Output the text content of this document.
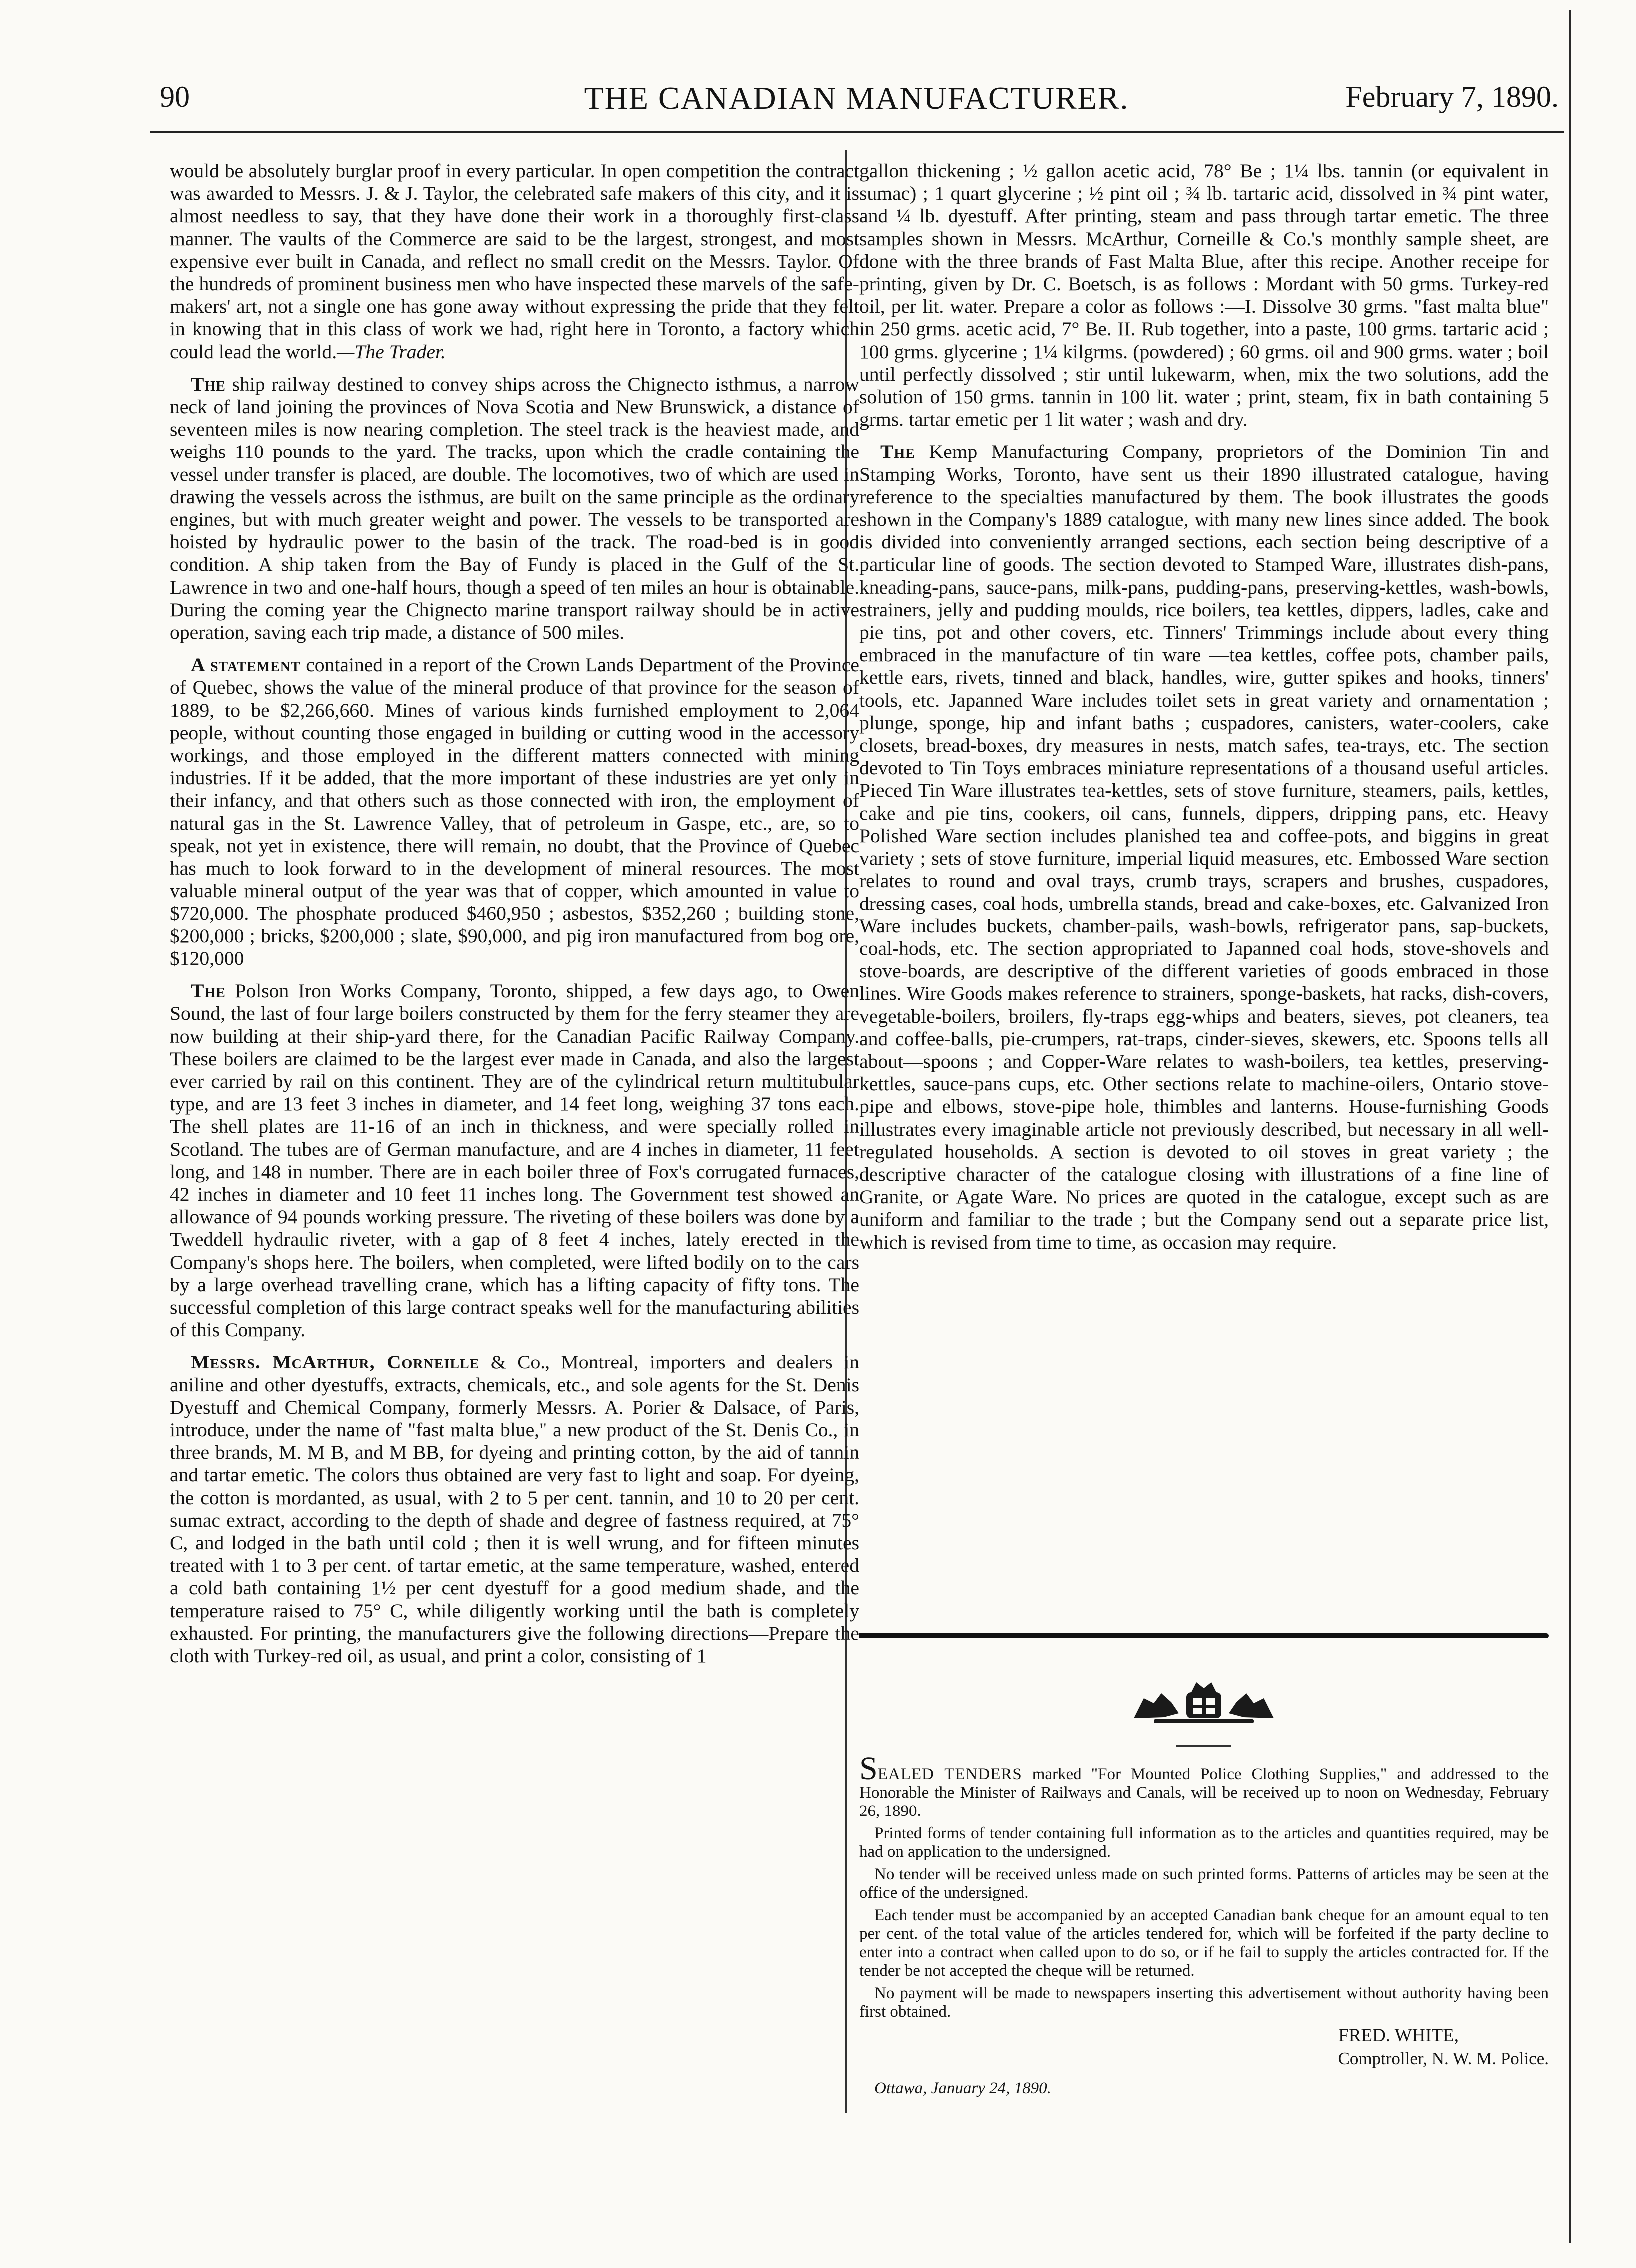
90	THE CANADIAN MANUFACTURER.	February 7, 1890.

would be absolutely burglar proof in every particular. In open competition the contract was awarded to Messrs. J. & J. Taylor, the celebrated safe makers of this city, and it is almost needless to say, that they have done their work in a thoroughly first-class manner. The vaults of the Commerce are said to be the largest, strongest, and most expensive ever built in Canada, and reflect no small credit on the Messrs. Taylor. Of the hundreds of prominent business men who have inspected these marvels of the safe-makers' art, not a single one has gone away without expressing the pride that they felt in knowing that in this class of work we had, right here in Toronto, a factory which could lead the world.—The Trader.

The ship railway destined to convey ships across the Chignecto isthmus, a narrow neck of land joining the provinces of Nova Scotia and New Brunswick, a distance of seventeen miles is now nearing completion. The steel track is the heaviest made, and weighs 110 pounds to the yard. The tracks, upon which the cradle containing the vessel under transfer is placed, are double. The locomotives, two of which are used in drawing the vessels across the isthmus, are built on the same principle as the ordinary engines, but with much greater weight and power. The vessels to be transported are hoisted by hydraulic power to the basin of the track. The road-bed is in good condition. A ship taken from the Bay of Fundy is placed in the Gulf of the St. Lawrence in two and one-half hours, though a speed of ten miles an hour is obtainable. During the coming year the Chignecto marine transport railway should be in active operation, saving each trip made, a distance of 500 miles.

A statement contained in a report of the Crown Lands Department of the Province of Quebec, shows the value of the mineral produce of that province for the season of 1889, to be $2,266,660. Mines of various kinds furnished employment to 2,064 people, without counting those engaged in building or cutting wood in the accessory workings, and those employed in the different matters connected with mining industries. If it be added, that the more important of these industries are yet only in their infancy, and that others such as those connected with iron, the employment of natural gas in the St. Lawrence Valley, that of petroleum in Gaspe, etc., are, so to speak, not yet in existence, there will remain, no doubt, that the Province of Quebec has much to look forward to in the development of mineral resources. The most valuable mineral output of the year was that of copper, which amounted in value to $720,000. The phosphate produced $460,950 ; asbestos, $352,260 ; building stone, $200,000 ; bricks, $200,000 ; slate, $90,000, and pig iron manufactured from bog ore, $120,000

The Polson Iron Works Company, Toronto, shipped, a few days ago, to Owen Sound, the last of four large boilers constructed by them for the ferry steamer they are now building at their ship-yard there, for the Canadian Pacific Railway Company. These boilers are claimed to be the largest ever made in Canada, and also the largest ever carried by rail on this continent. They are of the cylindrical return multitubular type, and are 13 feet 3 inches in diameter, and 14 feet long, weighing 37 tons each. The shell plates are 11-16 of an inch in thickness, and were specially rolled in Scotland. The tubes are of German manufacture, and are 4 inches in diameter, 11 feet long, and 148 in number. There are in each boiler three of Fox's corrugated furnaces, 42 inches in diameter and 10 feet 11 inches long. The Government test showed an allowance of 94 pounds working pressure. The riveting of these boilers was done by a Tweddell hydraulic riveter, with a gap of 8 feet 4 inches, lately erected in the Company's shops here. The boilers, when completed, were lifted bodily on to the cars by a large overhead travelling crane, which has a lifting capacity of fifty tons. The successful completion of this large contract speaks well for the manufacturing abilities of this Company.

Messrs. McArthur, Corneille & Co., Montreal, importers and dealers in aniline and other dyestuffs, extracts, chemicals, etc., and sole agents for the St. Denis Dyestuff and Chemical Company, formerly Messrs. A. Porier & Dalsace, of Paris, introduce, under the name of "fast malta blue," a new product of the St. Denis Co., in three brands, M. M B, and M BB, for dyeing and printing cotton, by the aid of tannin and tartar emetic. The colors thus obtained are very fast to light and soap. For dyeing, the cotton is mordanted, as usual, with 2 to 5 per cent. tannin, and 10 to 20 per cent. sumac extract, according to the depth of shade and degree of fastness required, at 75° C, and lodged in the bath until cold ; then it is well wrung, and for fifteen minutes treated with 1 to 3 per cent. of tartar emetic, at the same temperature, washed, entered a cold bath containing 1½ per cent dyestuff for a good medium shade, and the temperature raised to 75° C, while diligently working until the bath is completely exhausted. For printing, the manufacturers give the following directions—Prepare the cloth with Turkey-red oil, as usual, and print a color, consisting of 1

gallon thickening ; ½ gallon acetic acid, 78° Be ; 1¼ lbs. tannin (or equivalent in sumac) ; 1 quart glycerine ; ½ pint oil ; ¾ lb. tartaric acid, dissolved in ¾ pint water, and ¼ lb. dyestuff. After printing, steam and pass through tartar emetic. The three samples shown in Messrs. McArthur, Corneille & Co.'s monthly sample sheet, are done with the three brands of Fast Malta Blue, after this recipe. Another receipe for printing, given by Dr. C. Boetsch, is as follows : Mordant with 50 grms. Turkey-red oil, per lit. water. Prepare a color as follows :—I. Dissolve 30 grms. "fast malta blue" in 250 grms. acetic acid, 7° Be. II. Rub together, into a paste, 100 grms. tartaric acid ; 100 grms. glycerine ; 1¼ kilgrms. (powdered) ; 60 grms. oil and 900 grms. water ; boil until perfectly dissolved ; stir until lukewarm, when, mix the two solutions, add the solution of 150 grms. tannin in 100 lit. water ; print, steam, fix in bath containing 5 grms. tartar emetic per 1 lit water ; wash and dry.

The Kemp Manufacturing Company, proprietors of the Dominion Tin and Stamping Works, Toronto, have sent us their 1890 illustrated catalogue, having reference to the specialties manufactured by them. The book illustrates the goods shown in the Company's 1889 catalogue, with many new lines since added. The book is divided into conveniently arranged sections, each section being descriptive of a particular line of goods. The section devoted to Stamped Ware, illustrates dish-pans, kneading-pans, sauce-pans, milk-pans, pudding-pans, preserving-kettles, wash-bowls, strainers, jelly and pudding moulds, rice boilers, tea kettles, dippers, ladles, cake and pie tins, pot and other covers, etc. Tinners' Trimmings include about every thing embraced in the manufacture of tin ware —tea kettles, coffee pots, chamber pails, kettle ears, rivets, tinned and black, handles, wire, gutter spikes and hooks, tinners' tools, etc. Japanned Ware includes toilet sets in great variety and ornamentation ; plunge, sponge, hip and infant baths ; cuspadores, canisters, water-coolers, cake closets, bread-boxes, dry measures in nests, match safes, tea-trays, etc. The section devoted to Tin Toys embraces miniature representations of a thousand useful articles. Pieced Tin Ware illustrates tea-kettles, sets of stove furniture, steamers, pails, kettles, cake and pie tins, cookers, oil cans, funnels, dippers, dripping pans, etc. Heavy Polished Ware section includes planished tea and coffee-pots, and biggins in great variety ; sets of stove furniture, imperial liquid measures, etc. Embossed Ware section relates to round and oval trays, crumb trays, scrapers and brushes, cuspadores, dressing cases, coal hods, umbrella stands, bread and cake-boxes, etc. Galvanized Iron Ware includes buckets, chamber-pails, wash-bowls, refrigerator pans, sap-buckets, coal-hods, etc. The section appropriated to Japanned coal hods, stove-shovels and stove-boards, are descriptive of the different varieties of goods embraced in those lines. Wire Goods makes reference to strainers, sponge-baskets, hat racks, dish-covers, vegetable-boilers, broilers, fly-traps egg-whips and beaters, sieves, pot cleaners, tea and coffee-balls, pie-crumpers, rat-traps, cinder-sieves, skewers, etc. Spoons tells all about—spoons ; and Copper-Ware relates to wash-boilers, tea kettles, preserving-kettles, sauce-pans cups, etc. Other sections relate to machine-oilers, Ontario stove-pipe and elbows, stove-pipe hole, thimbles and lanterns. House-furnishing Goods illustrates every imaginable article not previously described, but necessary in all well-regulated households. A section is devoted to oil stoves in great variety ; the descriptive character of the catalogue closing with illustrations of a fine line of Granite, or Agate Ware. No prices are quoted in the catalogue, except such as are uniform and familiar to the trade ; but the Company send out a separate price list, which is revised from time to time, as occasion may require.

SEALED TENDERS marked "For Mounted Police Clothing Supplies," and addressed to the Honorable the Minister of Railways and Canals, will be received up to noon on Wednesday, February 26, 1890.

Printed forms of tender containing full information as to the articles and quantities required, may be had on application to the undersigned.

No tender will be received unless made on such printed forms. Patterns of articles may be seen at the office of the undersigned.

Each tender must be accompanied by an accepted Canadian bank cheque for an amount equal to ten per cent. of the total value of the articles tendered for, which will be forfeited if the party decline to enter into a contract when called upon to do so, or if he fail to supply the articles contracted for. If the tender be not accepted the cheque will be returned.

No payment will be made to newspapers inserting this advertisement without authority having been first obtained.

FRED. WHITE,
Comptroller, N. W. M. Police.
Ottawa, January 24, 1890.
